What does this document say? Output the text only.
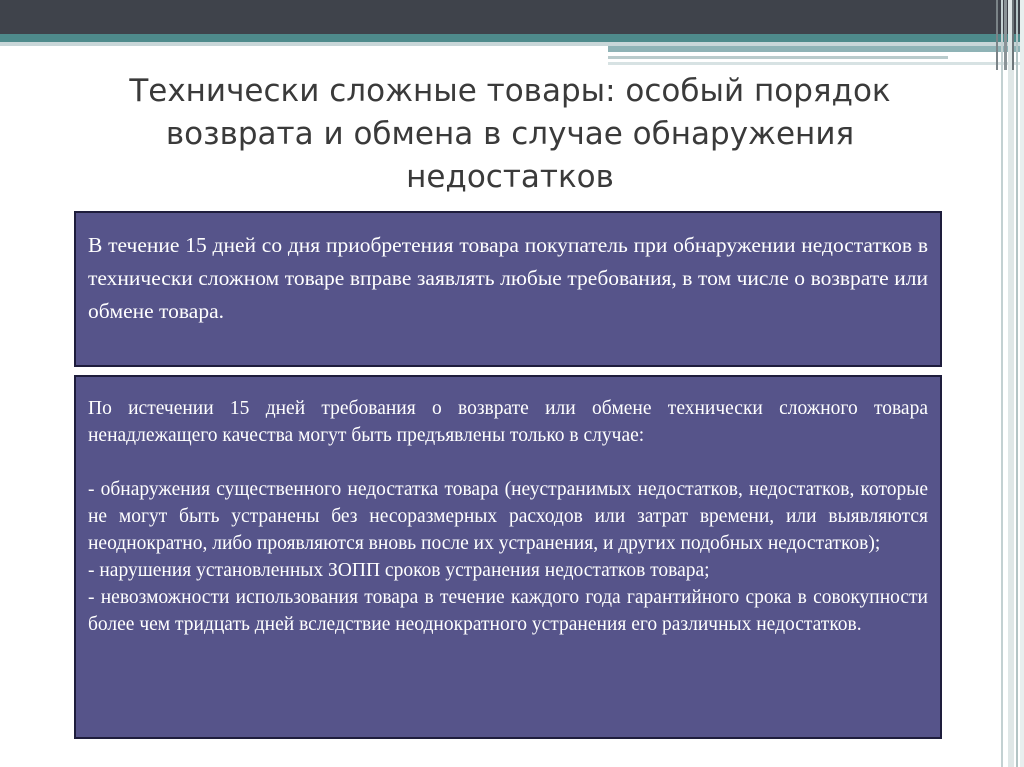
Технически сложные товары: особый порядок возврата и обмена в случае обнаружения недостатков

В течение 15 дней со дня приобретения товара покупатель при обнаружении недостатков в технически сложном товаре вправе заявлять любые требования, в том числе о возврате или обмене товара.

По истечении 15 дней требования о возврате или обмене технически сложного товара ненадлежащего качества могут быть предъявлены только в случае:

- обнаружения существенного недостатка товара (неустранимых недостатков, недостатков, которые не могут быть устранены без несоразмерных расходов или затрат времени, или выявляются неоднократно, либо проявляются вновь после их устранения, и других подобных недостатков);

- нарушения установленных ЗОПП сроков устранения недостатков товара;

- невозможности использования товара в течение каждого года гарантийного срока в совокупности более чем тридцать дней вследствие неоднократного устранения его различных недостатков.
